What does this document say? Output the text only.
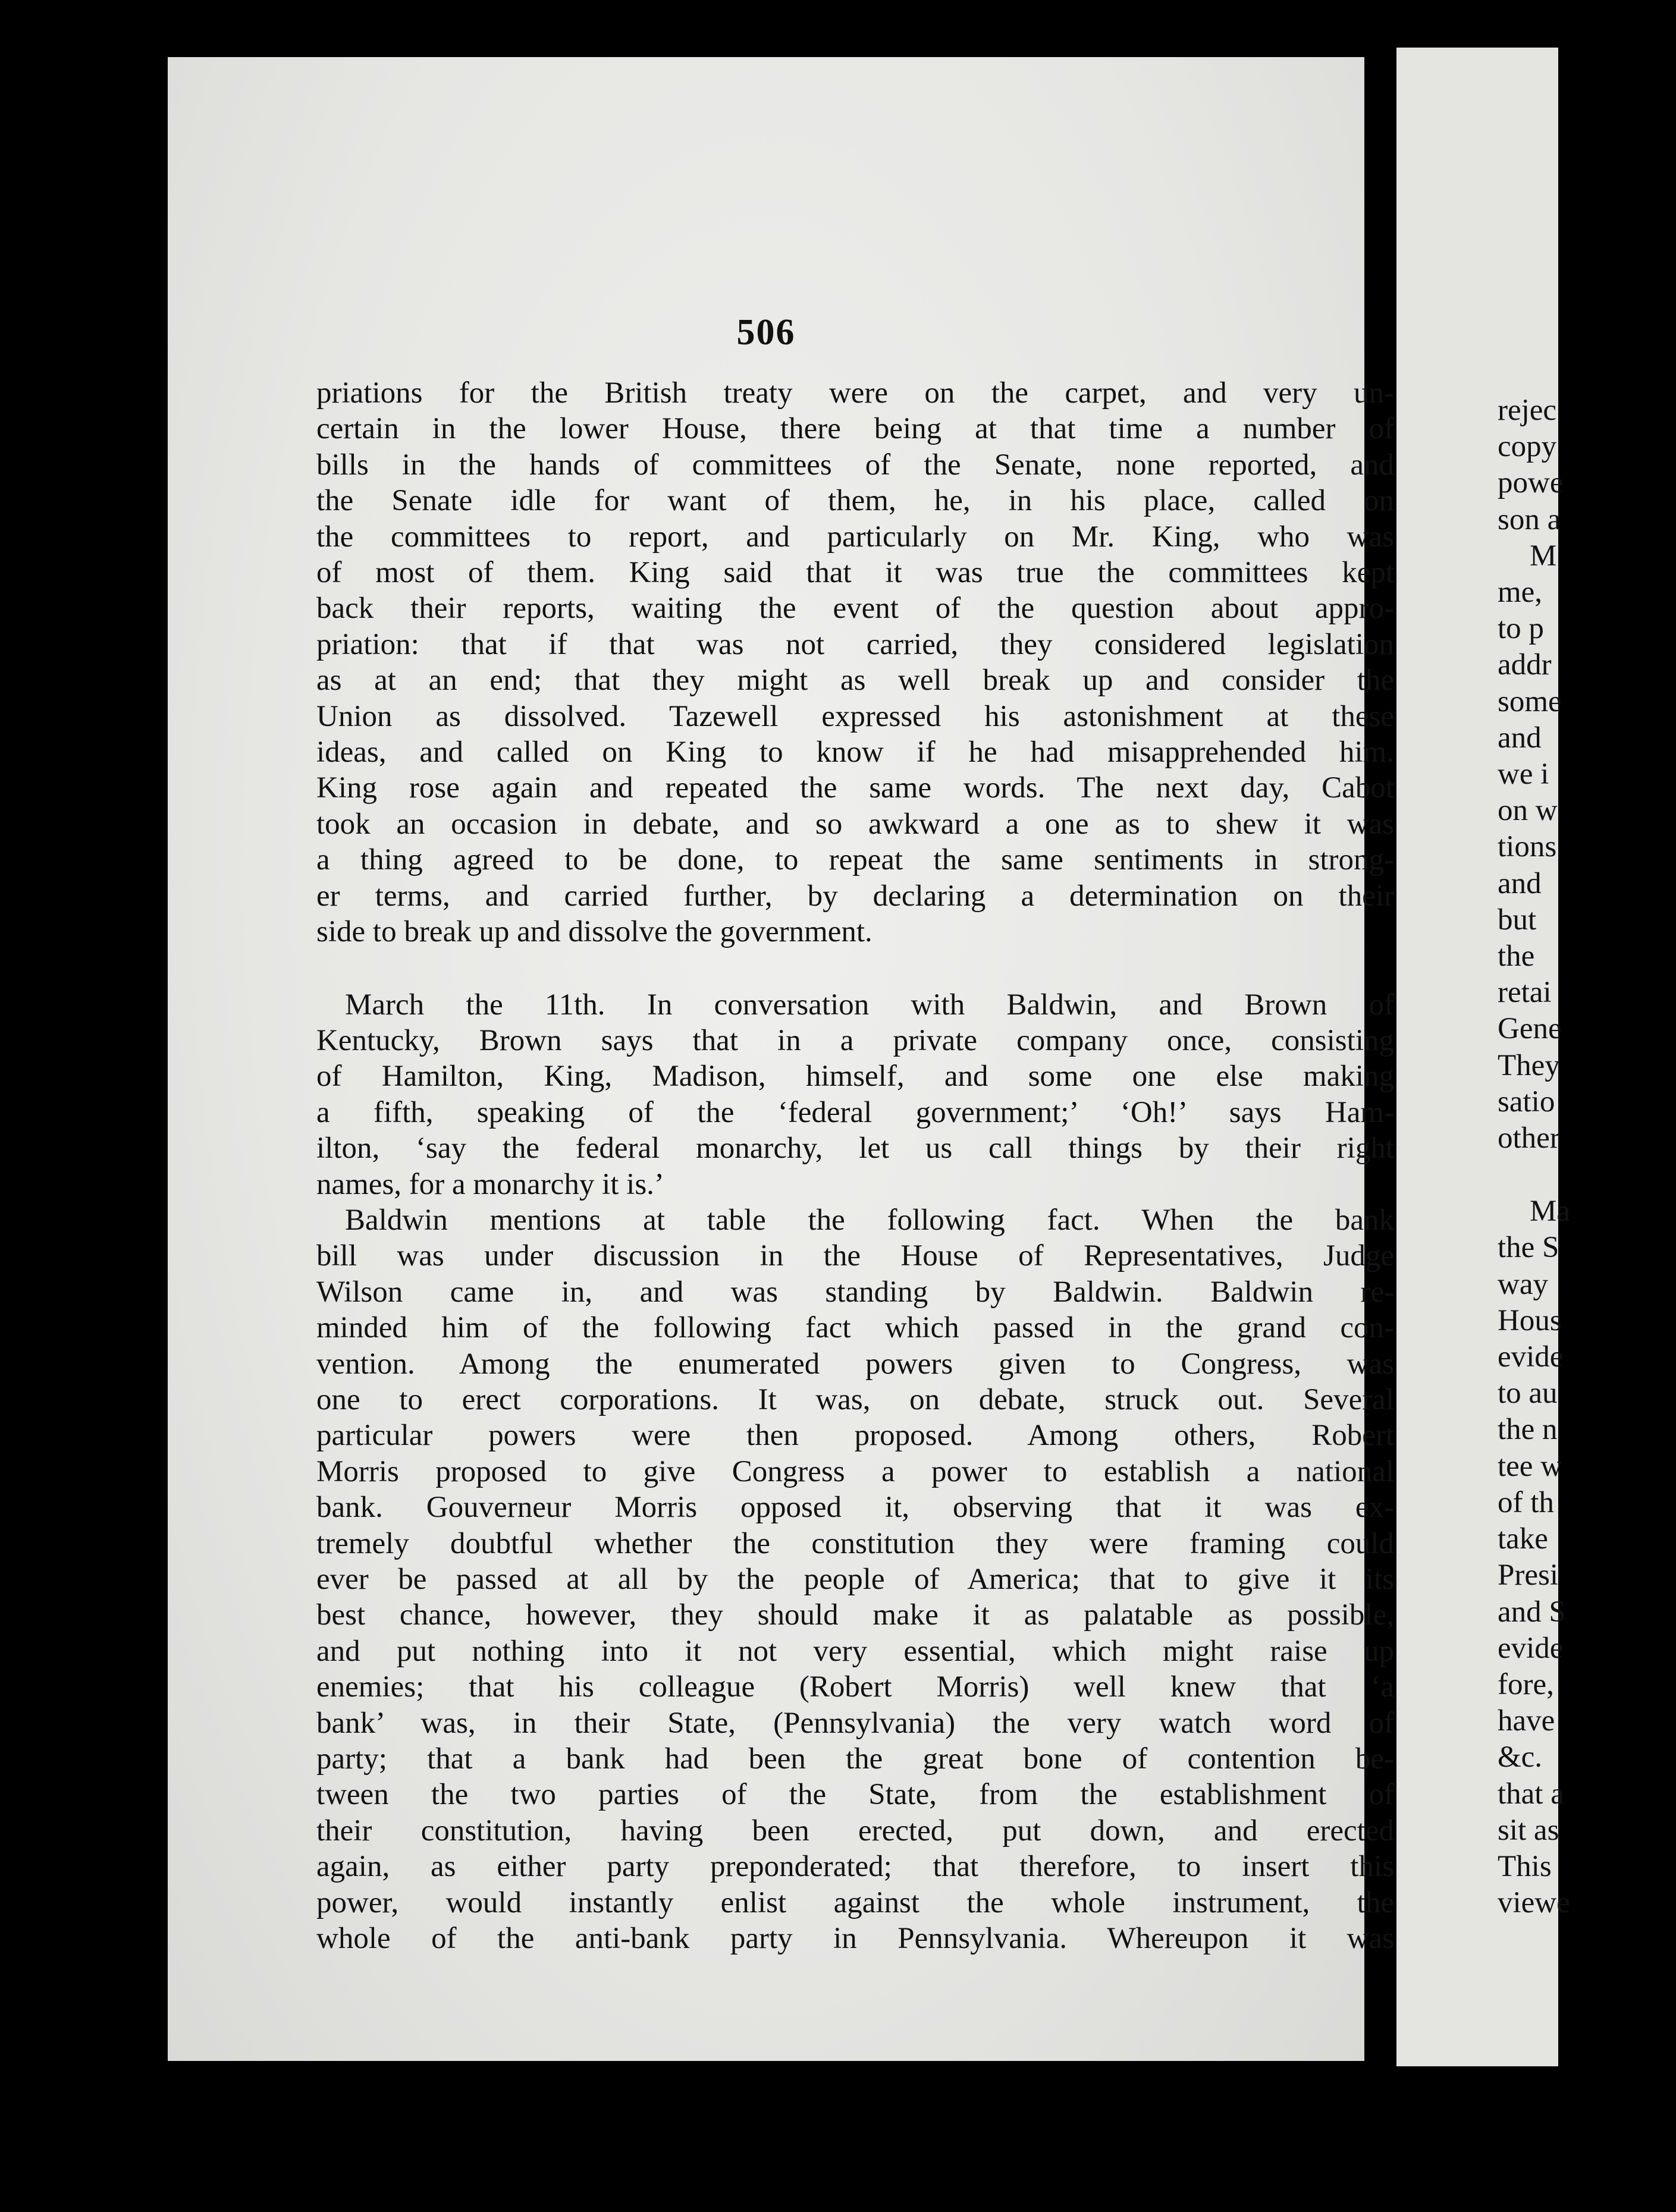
506
priations for the British treaty were on the carpet, and very un-
certain in the lower House, there being at that time a number of
bills in the hands of committees of the Senate, none reported, and
the Senate idle for want of them, he, in his place, called on
the committees to report, and particularly on Mr. King, who was
of most of them. King said that it was true the committees kept
back their reports, waiting the event of the question about appro-
priation: that if that was not carried, they considered legislation
as at an end; that they might as well break up and consider the
Union as dissolved. Tazewell expressed his astonishment at these
ideas, and called on King to know if he had misapprehended him.
King rose again and repeated the same words. The next day, Cabot
took an occasion in debate, and so awkward a one as to shew it was
a thing agreed to be done, to repeat the same sentiments in strong-
er terms, and carried further, by declaring a determination on their
side to break up and dissolve the government.
March the 11th. In conversation with Baldwin, and Brown of
Kentucky, Brown says that in a private company once, consisting
of Hamilton, King, Madison, himself, and some one else making
a fifth, speaking of the ‘federal government;’ ‘Oh!’ says Ham-
ilton, ‘say the federal monarchy, let us call things by their right
names, for a monarchy it is.’
Baldwin mentions at table the following fact. When the bank
bill was under discussion in the House of Representatives, Judge
Wilson came in, and was standing by Baldwin. Baldwin re-
minded him of the following fact which passed in the grand con-
vention. Among the enumerated powers given to Congress, was
one to erect corporations. It was, on debate, struck out. Several
particular powers were then proposed. Among others, Robert
Morris proposed to give Congress a power to establish a national
bank. Gouverneur Morris opposed it, observing that it was ex-
tremely doubtful whether the constitution they were framing could
ever be passed at all by the people of America; that to give it its
best chance, however, they should make it as palatable as possible,
and put nothing into it not very essential, which might raise up
enemies; that his colleague (Robert Morris) well knew that ‘a
bank’ was, in their State, (Pennsylvania) the very watch word of
party; that a bank had been the great bone of contention be-
tween the two parties of the State, from the establishment of
their constitution, having been erected, put down, and erected
again, as either party preponderated; that therefore, to insert this
power, would instantly enlist against the whole instrument, the
whole of the anti-bank party in Pennsylvania. Whereupon it was
rejec
copy
powe
son a
M
me,
to p
addr
some
and
we i
on w
tions
and
but
the
retai
Gene
They
satio
other
Ma
the S
way
Hous
evide
to au
the n
tee w
of th
take
Presi
and S
evide
fore,
have
&c.
that a
sit as
This
viewe
